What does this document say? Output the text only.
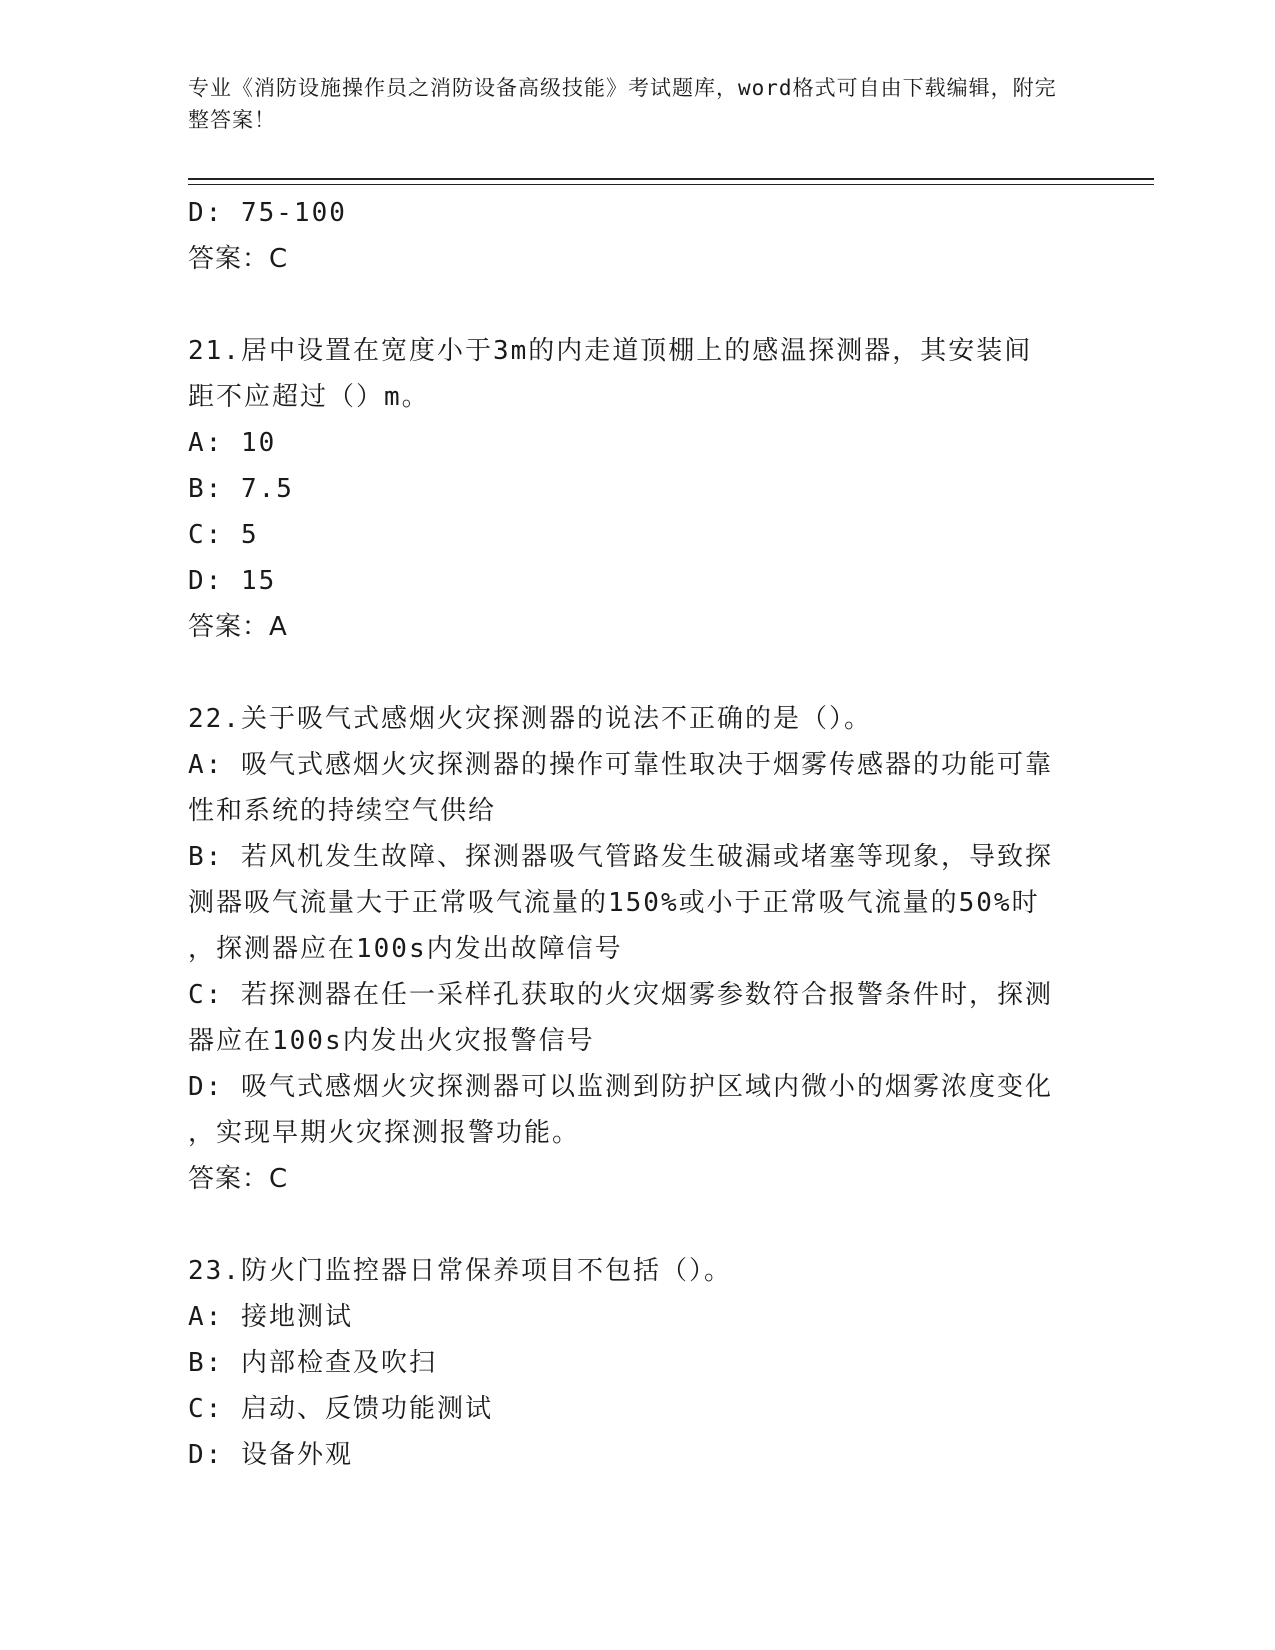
专业《消防设施操作员之消防设备高级技能》考试题库，word格式可自由下载编辑，附完整答案！
D: 75-100
答案：C
21.居中设置在宽度小于3m的内走道顶棚上的感温探测器，其安装间
距不应超过（）m。
A: 10
B: 7.5
C: 5
D: 15
答案：A
22.关于吸气式感烟火灾探测器的说法不正确的是（）。
A: 吸气式感烟火灾探测器的操作可靠性取决于烟雾传感器的功能可靠
性和系统的持续空气供给
B: 若风机发生故障、探测器吸气管路发生破漏或堵塞等现象，导致探
测器吸气流量大于正常吸气流量的150%或小于正常吸气流量的50%时
，探测器应在100s内发出故障信号
C: 若探测器在任一采样孔获取的火灾烟雾参数符合报警条件时，探测
器应在100s内发出火灾报警信号
D: 吸气式感烟火灾探测器可以监测到防护区域内微小的烟雾浓度变化
，实现早期火灾探测报警功能。
答案：C
23.防火门监控器日常保养项目不包括（）。
A: 接地测试
B: 内部检查及吹扫
C: 启动、反馈功能测试
D: 设备外观
